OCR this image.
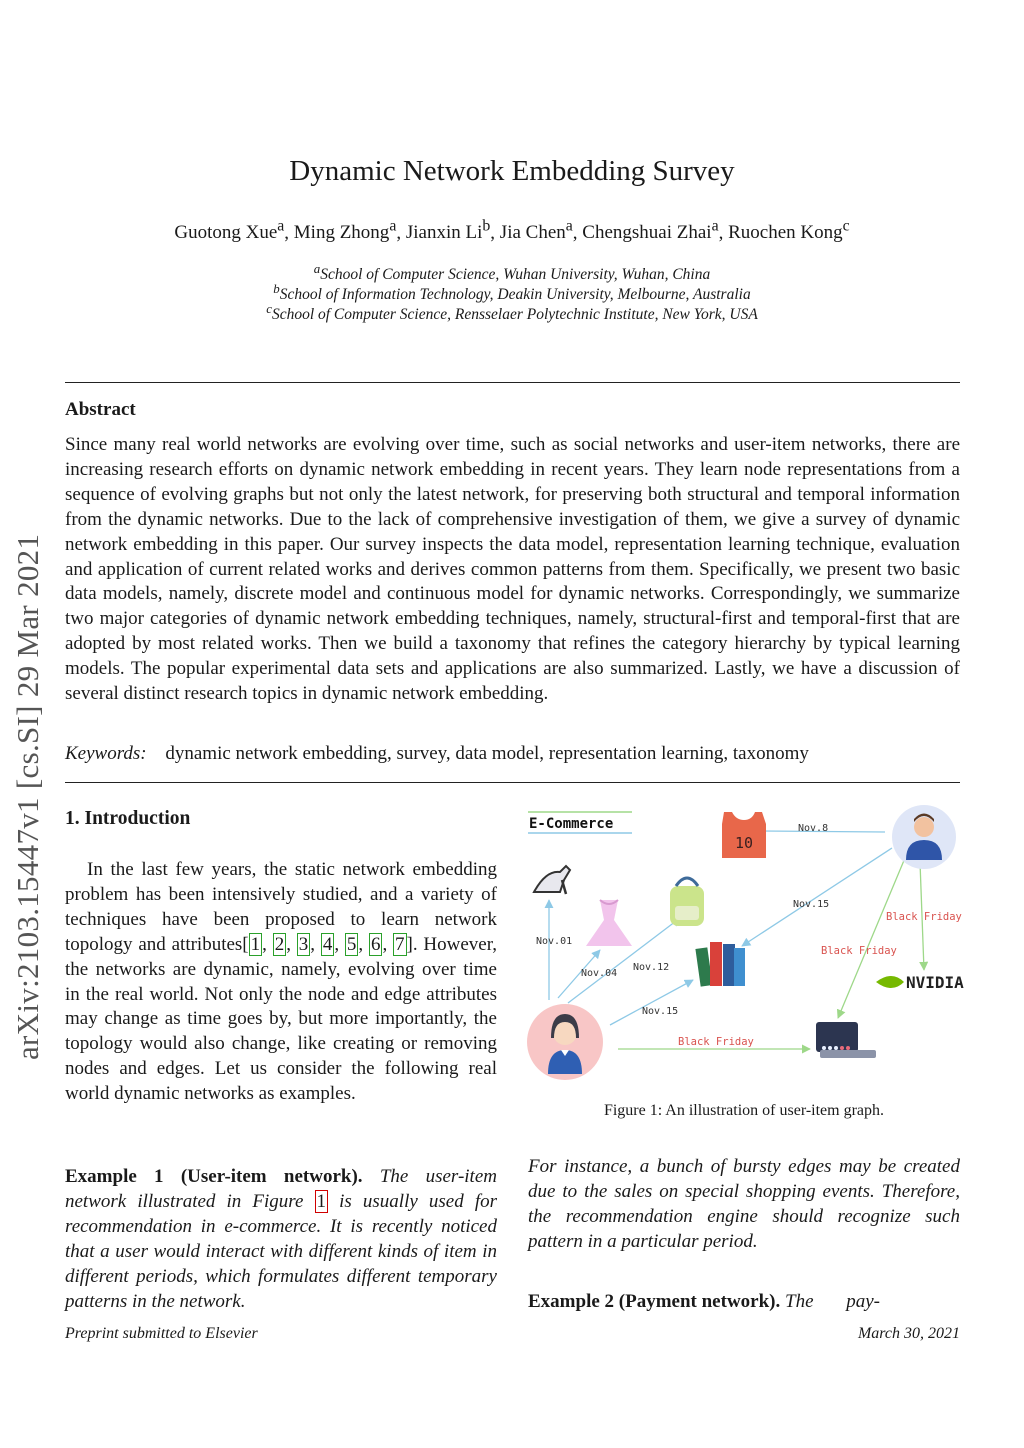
Dynamic Network Embedding Survey
Guotong Xue$^a$, Ming Zhong$^a$, Jianxin Li$^b$, Jia Chen$^a$, Chengshuai Zhai$^a$, Ruochen Kong$^c$
$^a$School of Computer Science, Wuhan University, Wuhan, China
$^b$School of Information Technology, Deakin University, Melbourne, Australia
$^c$School of Computer Science, Rensselaer Polytechnic Institute, New York, USA
arXiv:2103.15447v1 [cs.SI] 29 Mar 2021
Abstract
Since many real world networks are evolving over time, such as social networks and user-item networks, there are increasing research efforts on dynamic network embedding in recent years. They learn node representations from a sequence of evolving graphs but not only the latest network, for preserving both structural and temporal information from the dynamic networks. Due to the lack of comprehensive investigation of them, we give a survey of dynamic network embedding in this paper. Our survey inspects the data model, representation learning technique, evaluation and application of current related works and derives common patterns from them. Specifically, we present two basic data models, namely, discrete model and continuous model for dynamic networks. Correspondingly, we summarize two major categories of dynamic network embedding techniques, namely, structural-first and temporal-first that are adopted by most related works. Then we build a taxonomy that refines the category hierarchy by typical learning models. The popular experimental data sets and applications are also summarized. Lastly, we have a discussion of several distinct research topics in dynamic network embedding.
Keywords: dynamic network embedding, survey, data model, representation learning, taxonomy
1. Introduction
In the last few years, the static network embedding problem has been intensively studied, and a variety of techniques have been proposed to learn network topology and attributes[ 1 , 2 , 3 , 4 , 5 , 6 , 7 ]. However, the networks are dynamic, namely, evolving over time in the real world. Not only the node and edge attributes may change as time goes by, but more importantly, the topology would also change, like creating or removing nodes and edges. Let us consider the following real world dynamic networks as examples.
Example 1 (User-item network). The user-item network illustrated in Figure 1 is usually used for recommendation in e-commerce. It is recently noticed that a user would interact with different kinds of item in different periods, which formulates different temporary patterns in the network.
E-Commerce	Nov.8
Nov.15
Black Friday
Black Friday
Nov.01
Nov.04
Nov.12
Nov.15
Black Friday
10
NVIDIA
Figure 1: An illustration of user-item graph.
For instance, a bunch of bursty edges may be created due to the sales on special shopping events. Therefore, the recommendation engine should recognize such pattern in a particular period.
Example 2 (Payment network). The pay-
Preprint submitted to Elsevier	March 30, 2021
